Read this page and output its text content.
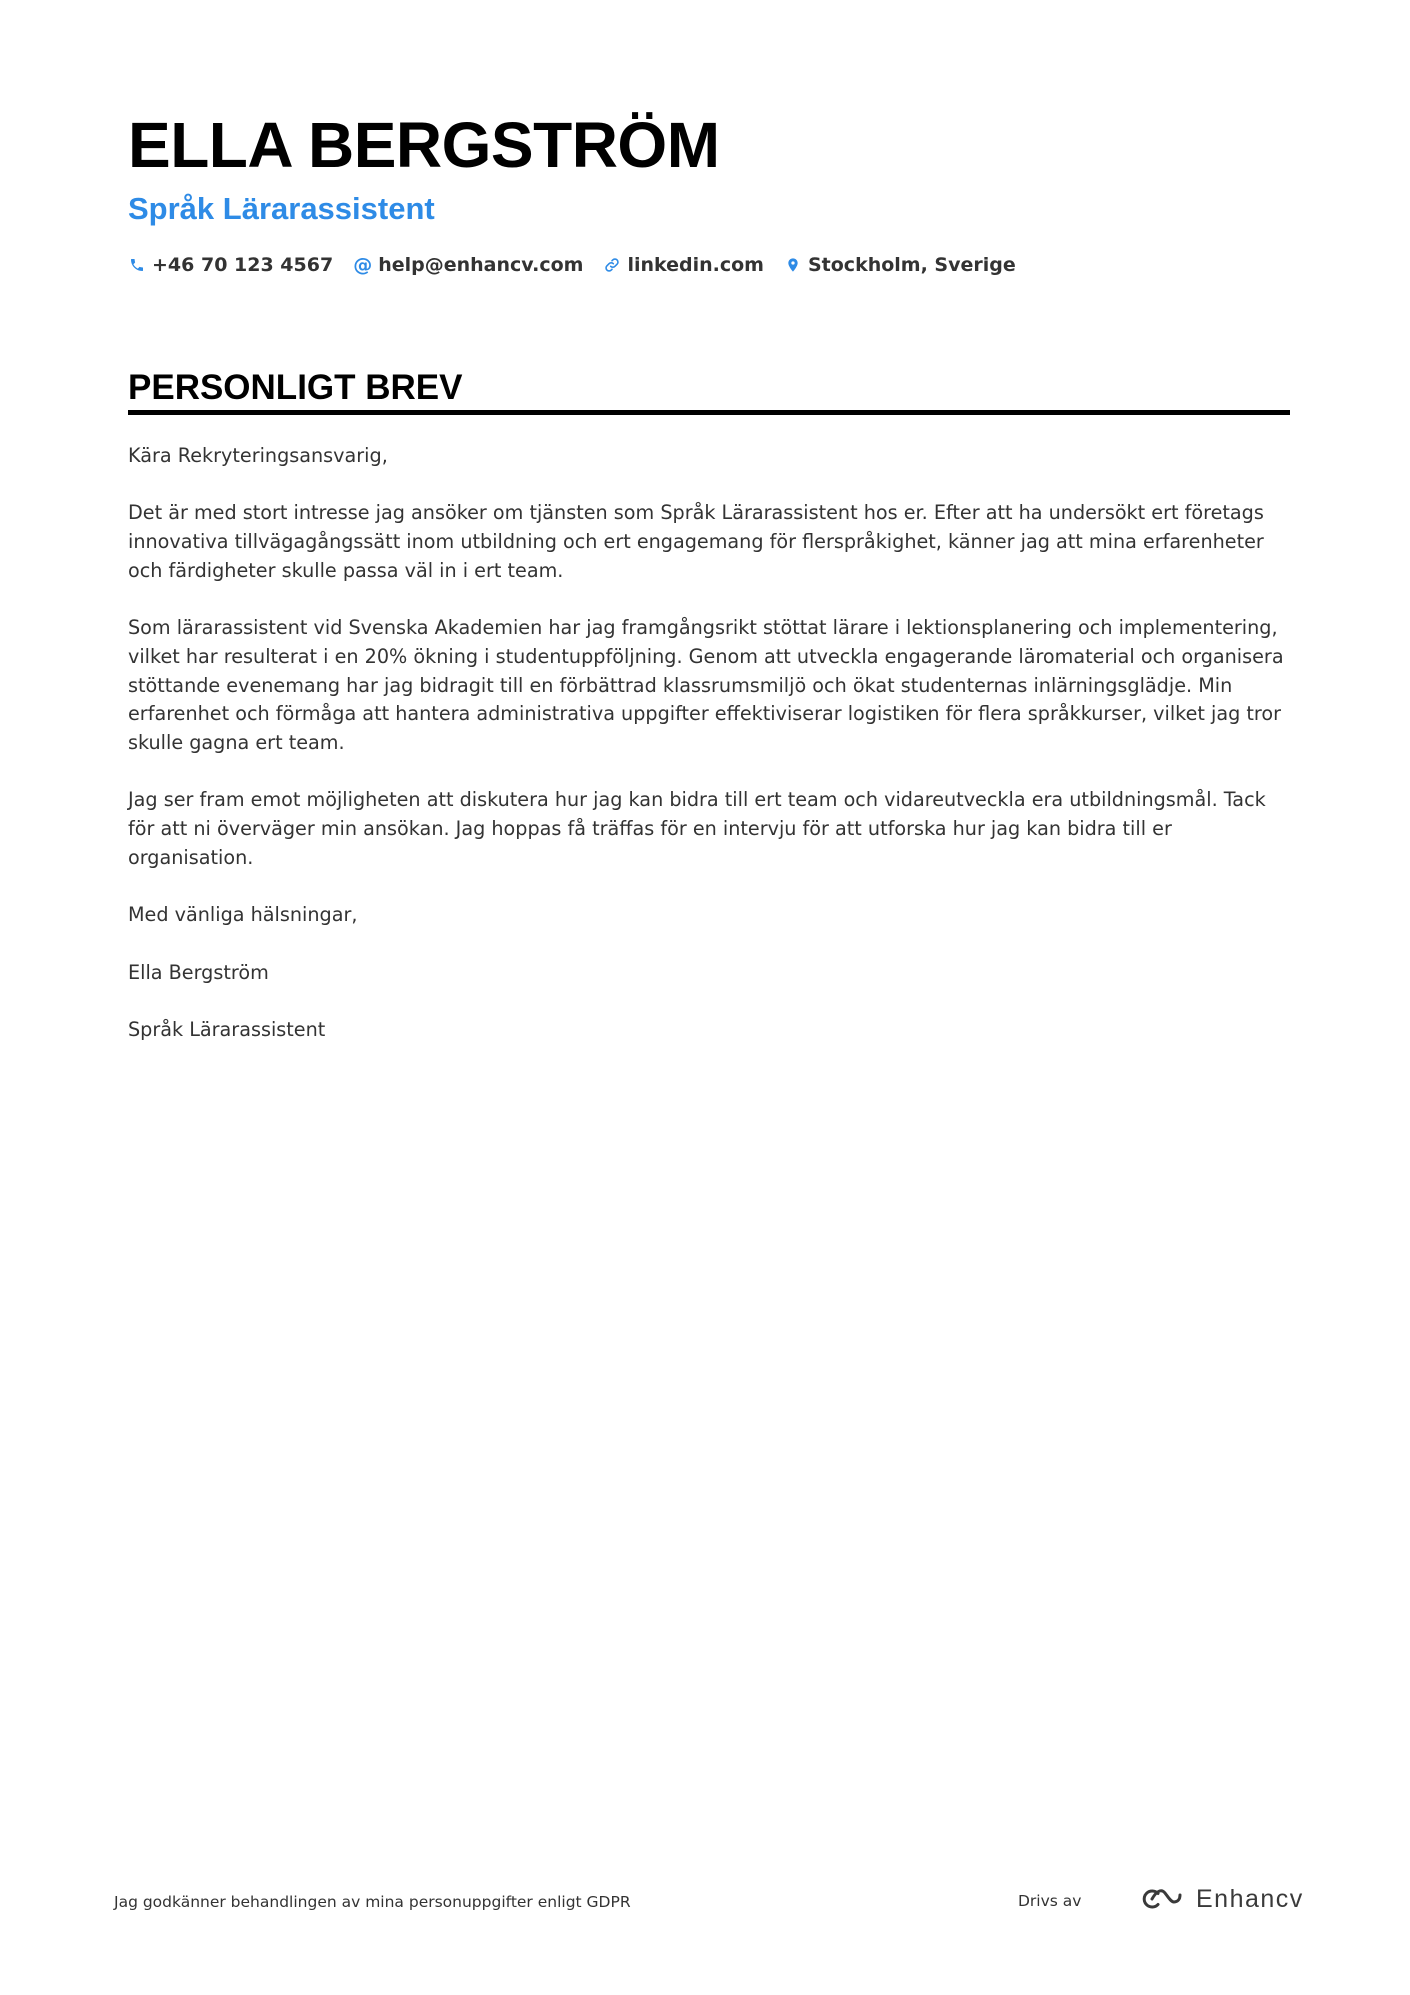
ELLA BERGSTRÖM
Språk Lärarassistent
+46 70 123 4567 @ help@enhancv.com linkedin.com Stockholm, Sverige
PERSONLIGT BREV

Kära Rekryteringsansvarig,

Det är med stort intresse jag ansöker om tjänsten som Språk Lärarassistent hos er. Efter att ha undersökt ert företags innovativa tillvägagångssätt inom utbildning och ert engagemang för flerspråkighet, känner jag att mina erfarenheter och färdigheter skulle passa väl in i ert team.

Som lärarassistent vid Svenska Akademien har jag framgångsrikt stöttat lärare i lektionsplanering och implementering, vilket har resulterat i en 20% ökning i studentuppföljning. Genom att utveckla engagerande läromaterial och organisera stöttande evenemang har jag bidragit till en förbättrad klassrumsmiljö och ökat studenternas inlärningsglädje. Min erfarenhet och förmåga att hantera administrativa uppgifter effektiviserar logistiken för flera språkkurser, vilket jag tror skulle gagna ert team.

Jag ser fram emot möjligheten att diskutera hur jag kan bidra till ert team och vidareutveckla era utbildningsmål. Tack för att ni överväger min ansökan. Jag hoppas få träffas för en intervju för att utforska hur jag kan bidra till er organisation.

Med vänliga hälsningar,

Ella Bergström

Språk Lärarassistent

Jag godkänner behandlingen av mina personuppgifter enligt GDPR	Drivs av	Enhancv
